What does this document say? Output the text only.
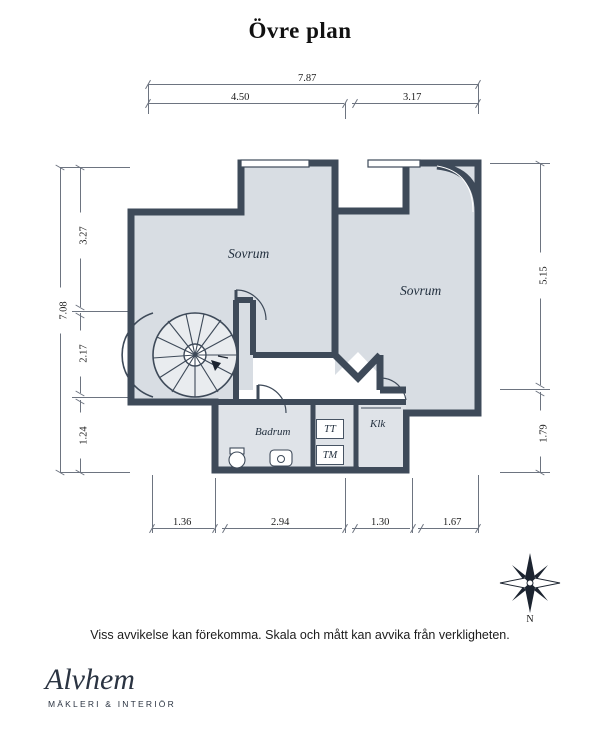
Övre plan
7.87
4.50	3.17
7.08
3.27
2.17
1.24
5.15
1.79
1.36	2.94	1.30	1.67
Sovrum
Sovrum
Badrum
Klk
TT
TM
Viss avvikelse kan förekomma. Skala och mått kan avvika från verkligheten.
Alvhem
MÄKLERI & INTERIÖR
N
